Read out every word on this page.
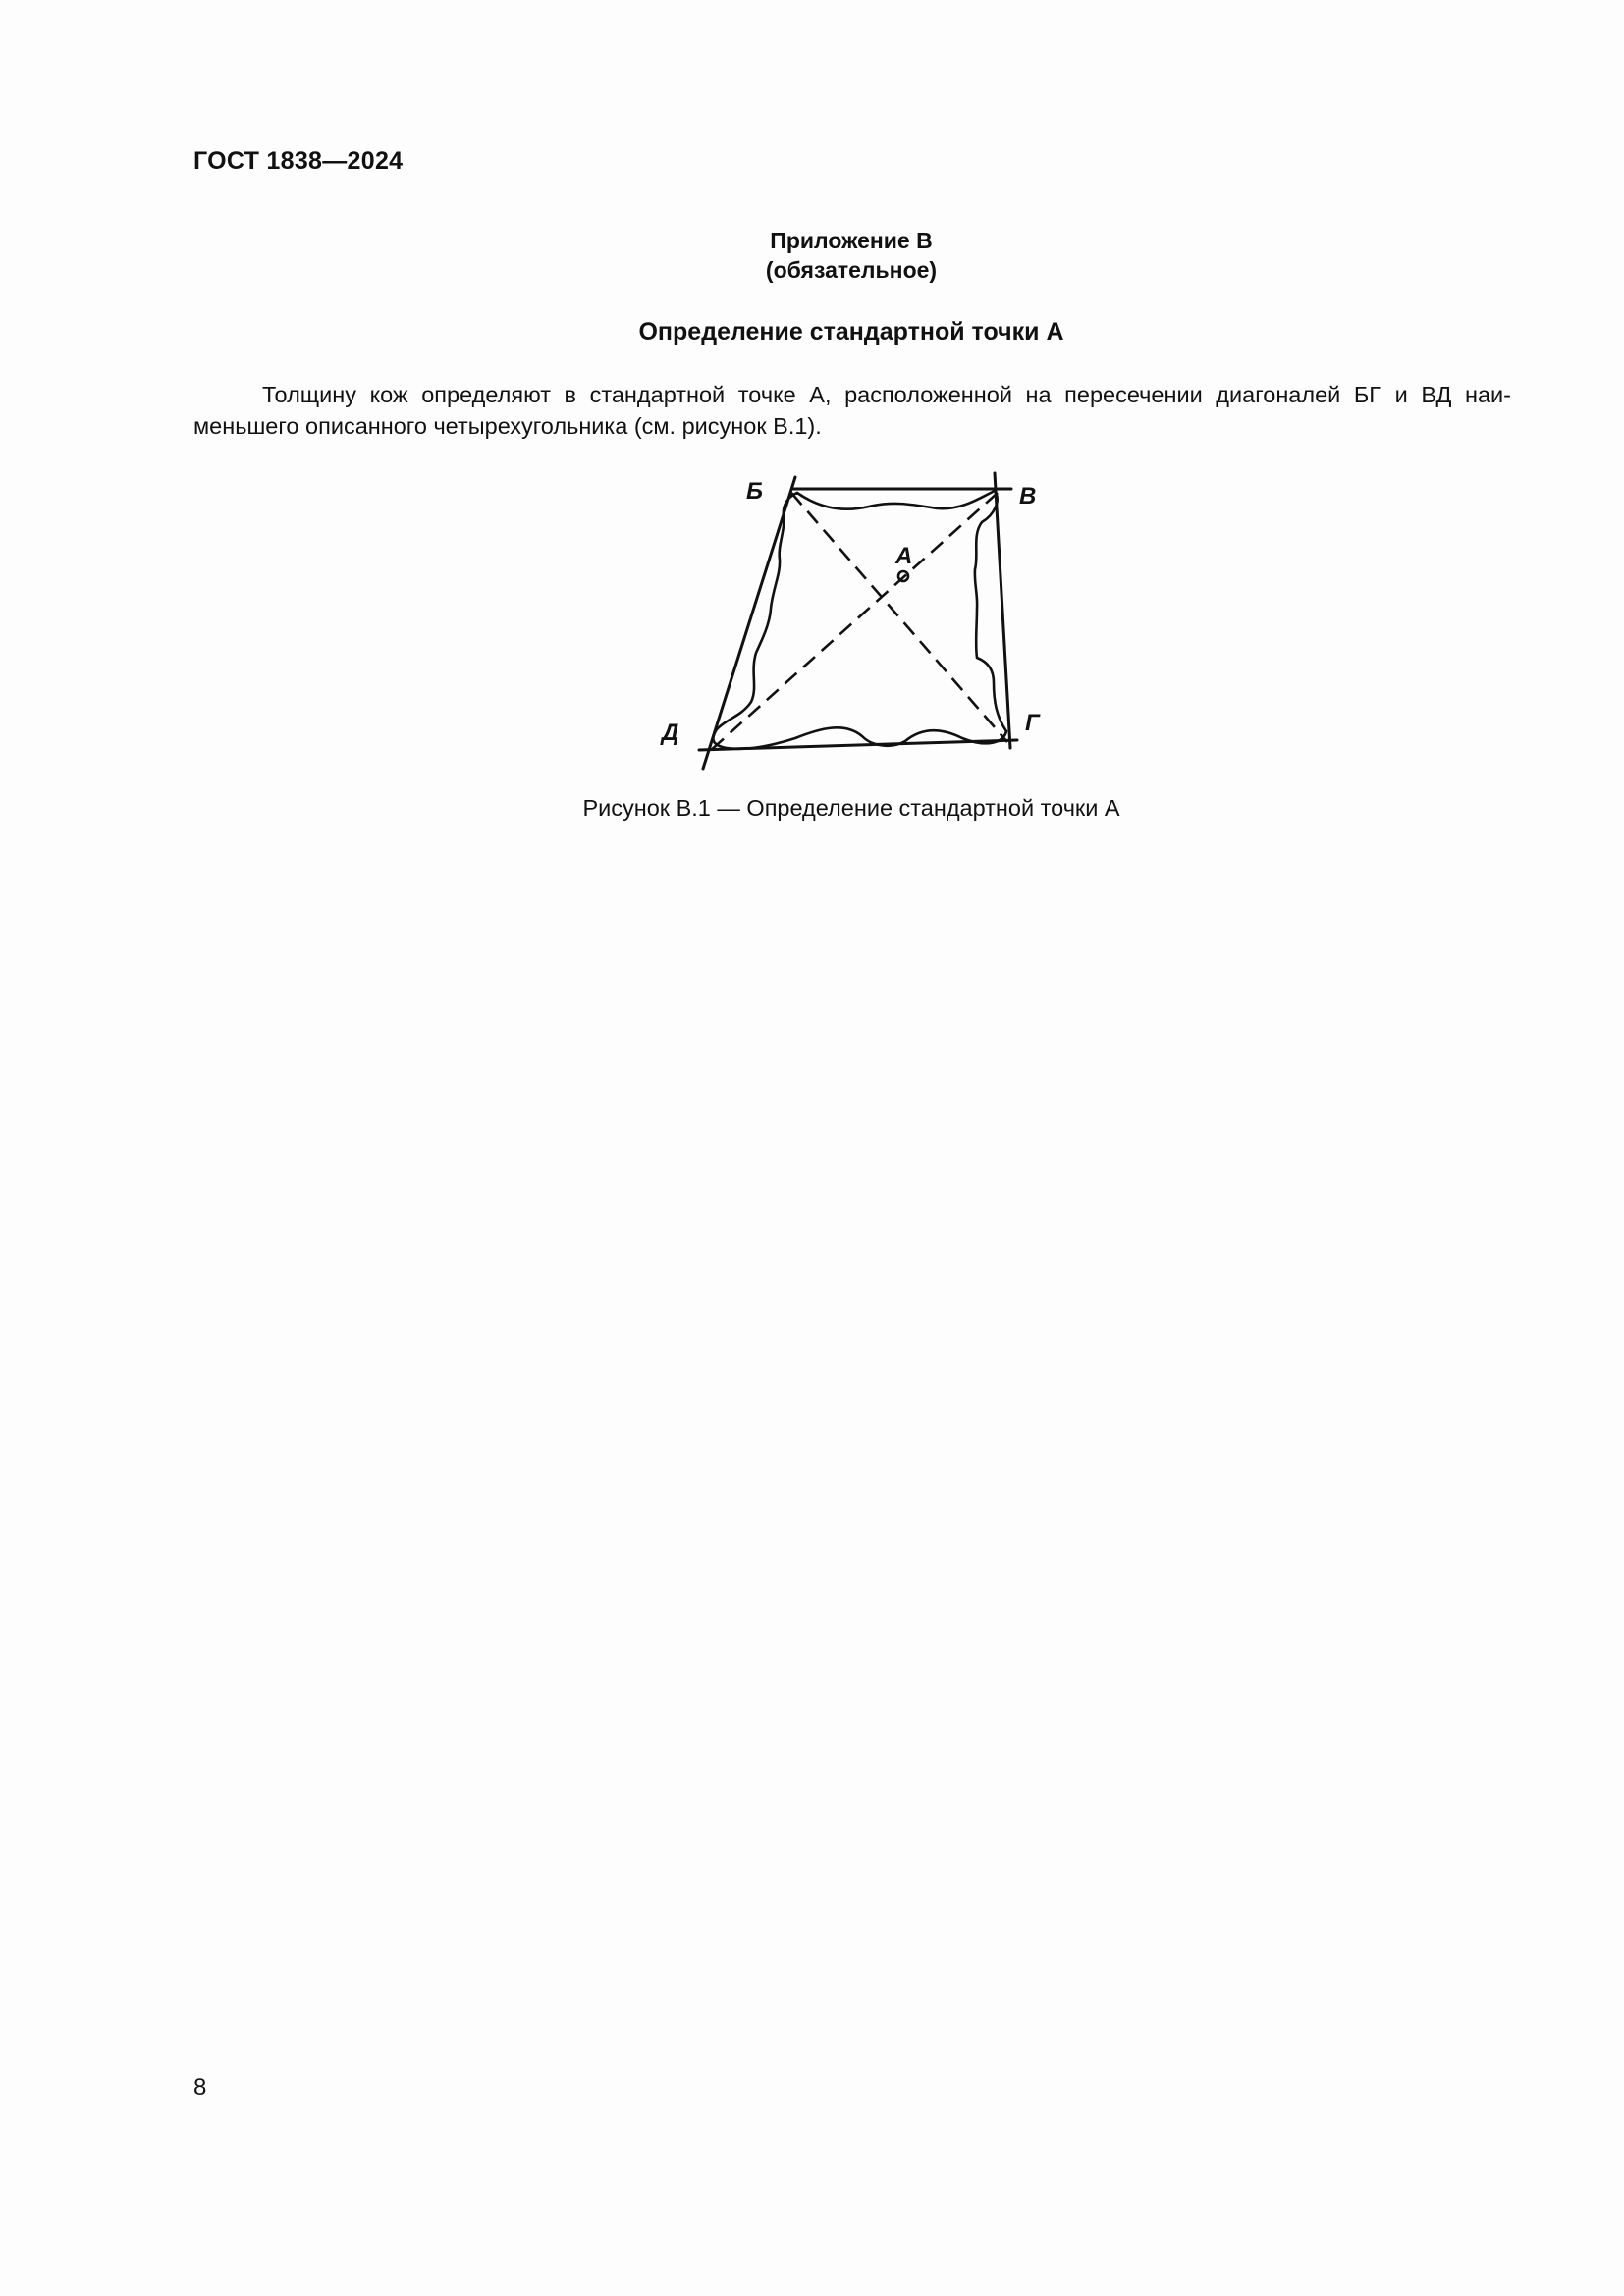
ГОСТ 1838—2024
Приложение В
(обязательное)
Определение стандартной точки А
Толщину кож определяют в стандартной точке А, расположенной на пересечении диагоналей БГ и ВД наи-
меньшего описанного четырехугольника (см. рисунок В.1).
Б	В
А
Д	Г
Рисунок В.1 — Определение стандартной точки А
8
